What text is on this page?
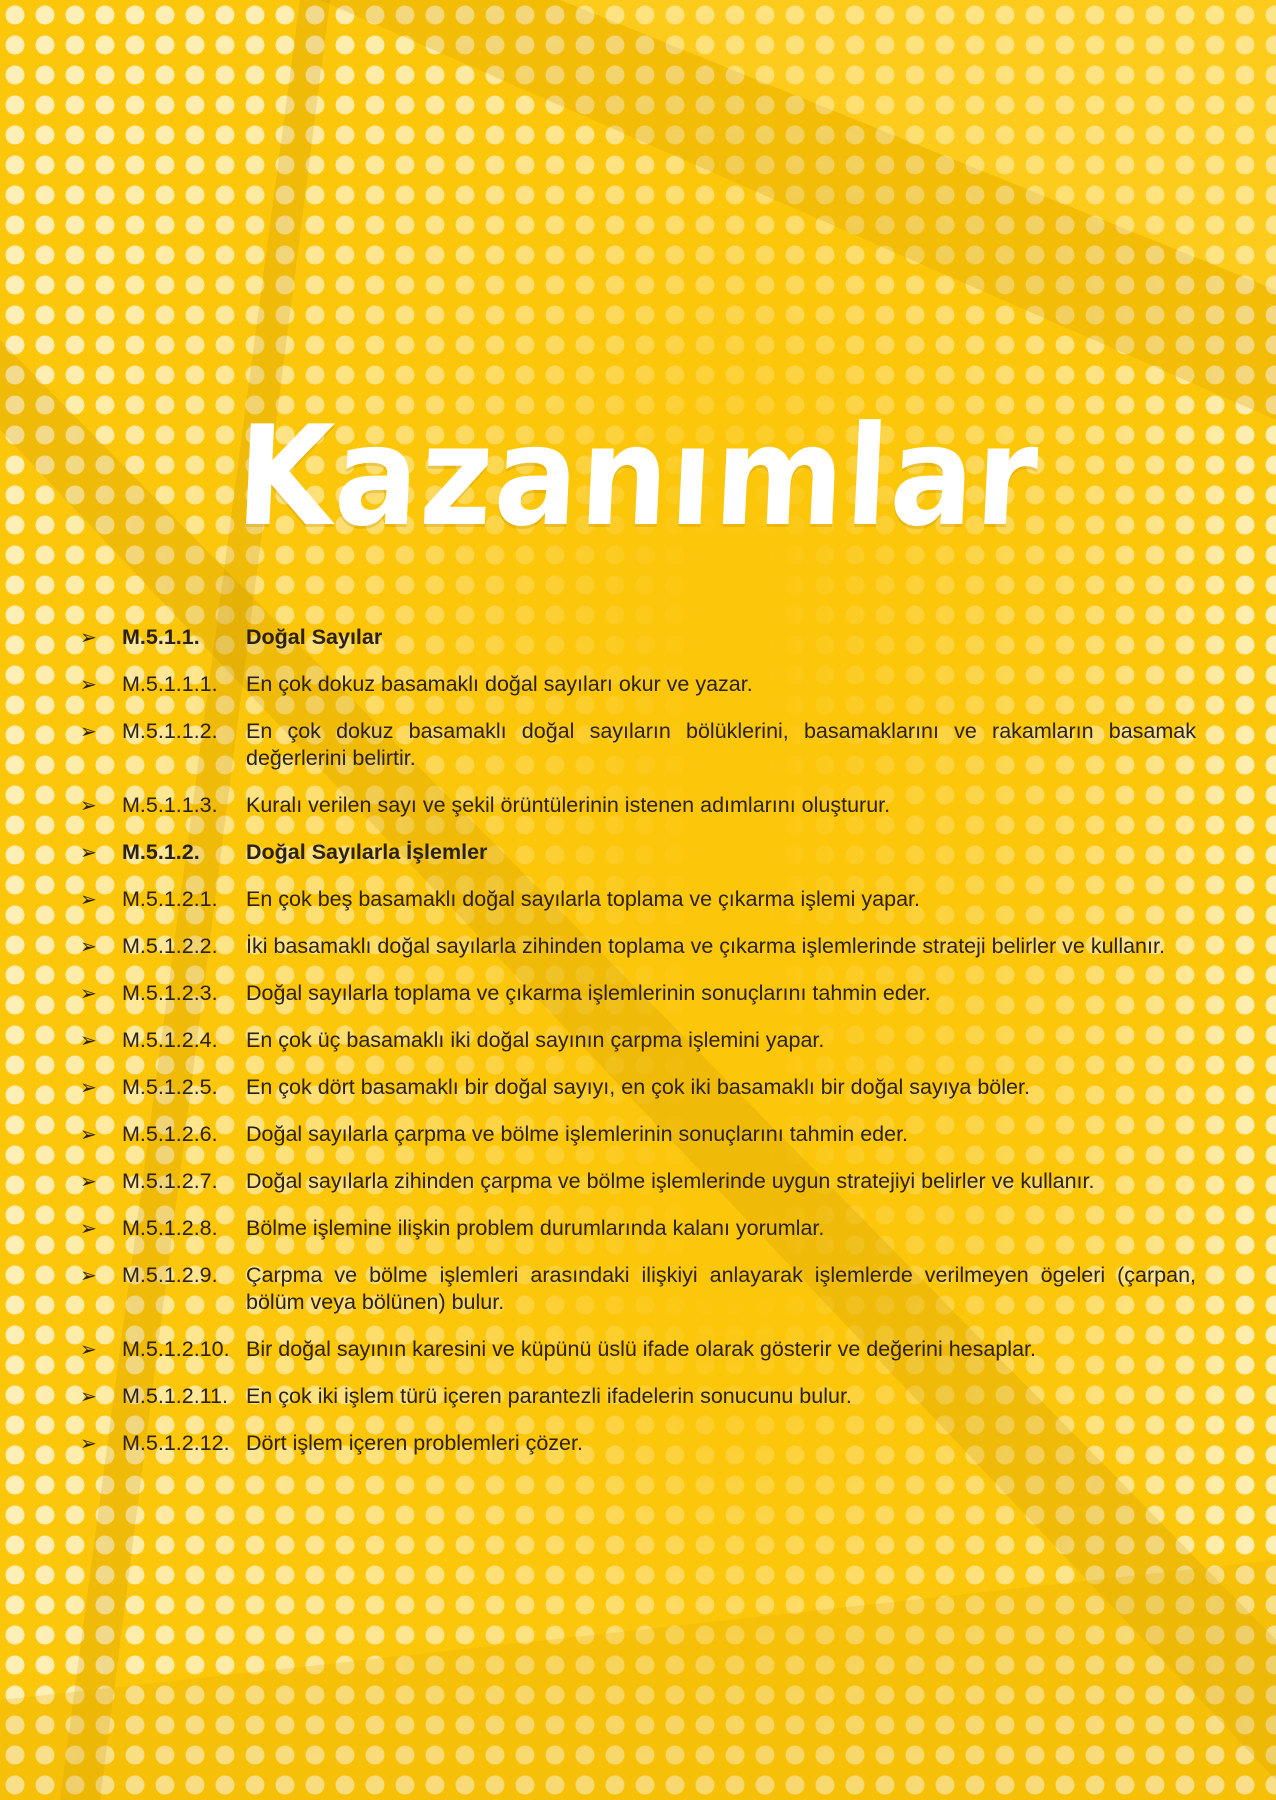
Kazanımlar
➢	M.5.1.1.	Doğal Sayılar
➢	M.5.1.1.1.	En çok dokuz basamaklı doğal sayıları okur ve yazar.
➢	M.5.1.1.2.	En çok dokuz basamaklı doğal sayıların bölüklerini, basamaklarını ve rakamların basamak değerlerini belirtir.
➢	M.5.1.1.3.	Kuralı verilen sayı ve şekil örüntülerinin istenen adımlarını oluşturur.
➢	M.5.1.2.	Doğal Sayılarla İşlemler
➢	M.5.1.2.1.	En çok beş basamaklı doğal sayılarla toplama ve çıkarma işlemi yapar.
➢	M.5.1.2.2.	İki basamaklı doğal sayılarla zihinden toplama ve çıkarma işlemlerinde strateji belirler ve kullanır.
➢	M.5.1.2.3.	Doğal sayılarla toplama ve çıkarma işlemlerinin sonuçlarını tahmin eder.
➢	M.5.1.2.4.	En çok üç basamaklı iki doğal sayının çarpma işlemini yapar.
➢	M.5.1.2.5.	En çok dört basamaklı bir doğal sayıyı, en çok iki basamaklı bir doğal sayıya böler.
➢	M.5.1.2.6.	Doğal sayılarla çarpma ve bölme işlemlerinin sonuçlarını tahmin eder.
➢	M.5.1.2.7.	Doğal sayılarla zihinden çarpma ve bölme işlemlerinde uygun stratejiyi belirler ve kullanır.
➢	M.5.1.2.8.	Bölme işlemine ilişkin problem durumlarında kalanı yorumlar.
➢	M.5.1.2.9.	Çarpma ve bölme işlemleri arasındaki ilişkiyi anlayarak işlemlerde verilmeyen ögeleri (çarpan, bölüm veya bölünen) bulur.
➢	M.5.1.2.10. Bir doğal sayının karesini ve küpünü üslü ifade olarak gösterir ve değerini hesaplar.
➢	M.5.1.2.11. En çok iki işlem türü içeren parantezli ifadelerin sonucunu bulur.
➢	M.5.1.2.12. Dört işlem içeren problemleri çözer.
